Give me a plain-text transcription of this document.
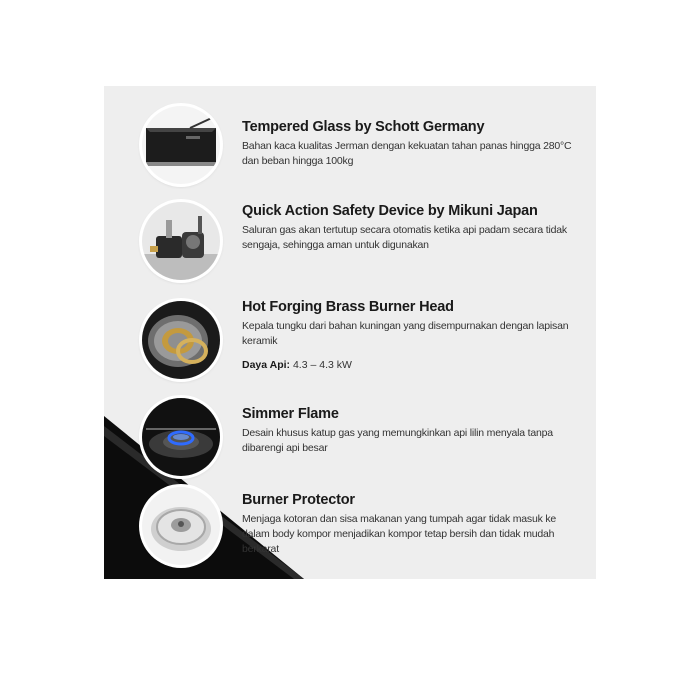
Tempered Glass by Schott Germany
Bahan kaca kualitas Jerman dengan kekuatan tahan panas hingga 280°C dan beban hingga 100kg
Quick Action Safety Device by Mikuni Japan
Saluran gas akan tertutup secara otomatis ketika api padam secara tidak sengaja, sehingga aman untuk digunakan
Hot Forging Brass Burner Head
Kepala tungku dari bahan kuningan yang disempurnakan dengan lapisan keramik
Daya Api: 4.3 – 4.3 kW
Simmer Flame
Desain khusus katup gas yang memungkinkan api lilin menyala tanpa dibarengi api besar
Burner Protector
Menjaga kotoran dan sisa makanan yang tumpah agar tidak masuk ke dalam body kompor menjadikan kompor tetap bersih dan tidak mudah berkarat
